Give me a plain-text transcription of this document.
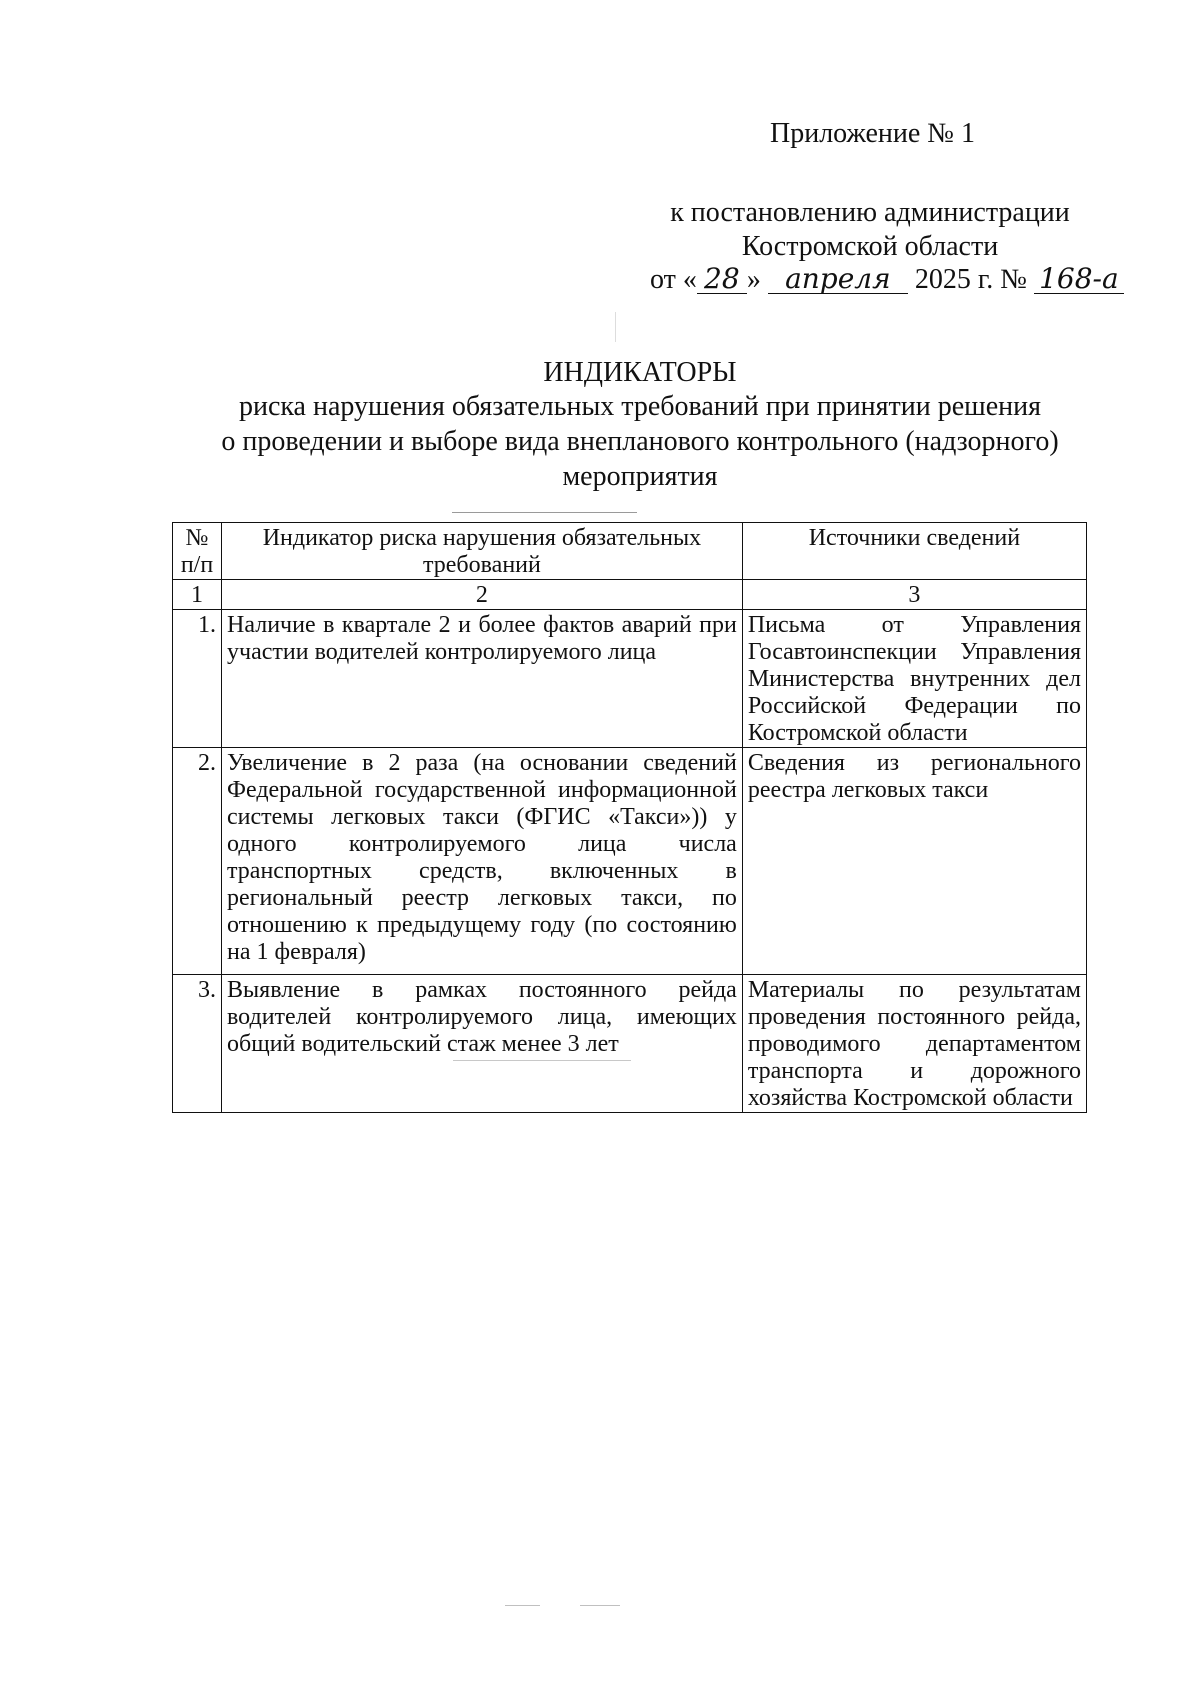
Приложение № 1
к постановлению администрации
Костромской области
от « 28 » апреля 2025 г. № 168-а
ИНДИКАТОРЫ
риска нарушения обязательных требований при принятии решения
о проведении и выборе вида внепланового контрольного (надзорного)
мероприятия
№ п/п	Индикатор риска нарушения обязательных требований	Источники сведений
1	2	3
1.	Наличие в квартале 2 и более фактов аварий при участии водителей контролируемого лица	Письма от Управления Госавтоинспекции Управления Министерства внутренних дел Российской Федерации по Костромской области
2.	Увеличение в 2 раза (на основании сведений Федеральной государственной информационной системы легковых такси (ФГИС «Такси»)) у одного контролируемого лица числа транспортных средств, включенных в региональный реестр легковых такси, по отношению к предыдущему году (по состоянию на 1 февраля)	Сведения из регионального реестра легковых такси
3.	Выявление в рамках постоянного рейда водителей контролируемого лица, имеющих общий водительский стаж менее 3 лет	Материалы по результатам проведения постоянного рейда, проводимого департаментом транспорта и дорожного хозяйства Костромской области
